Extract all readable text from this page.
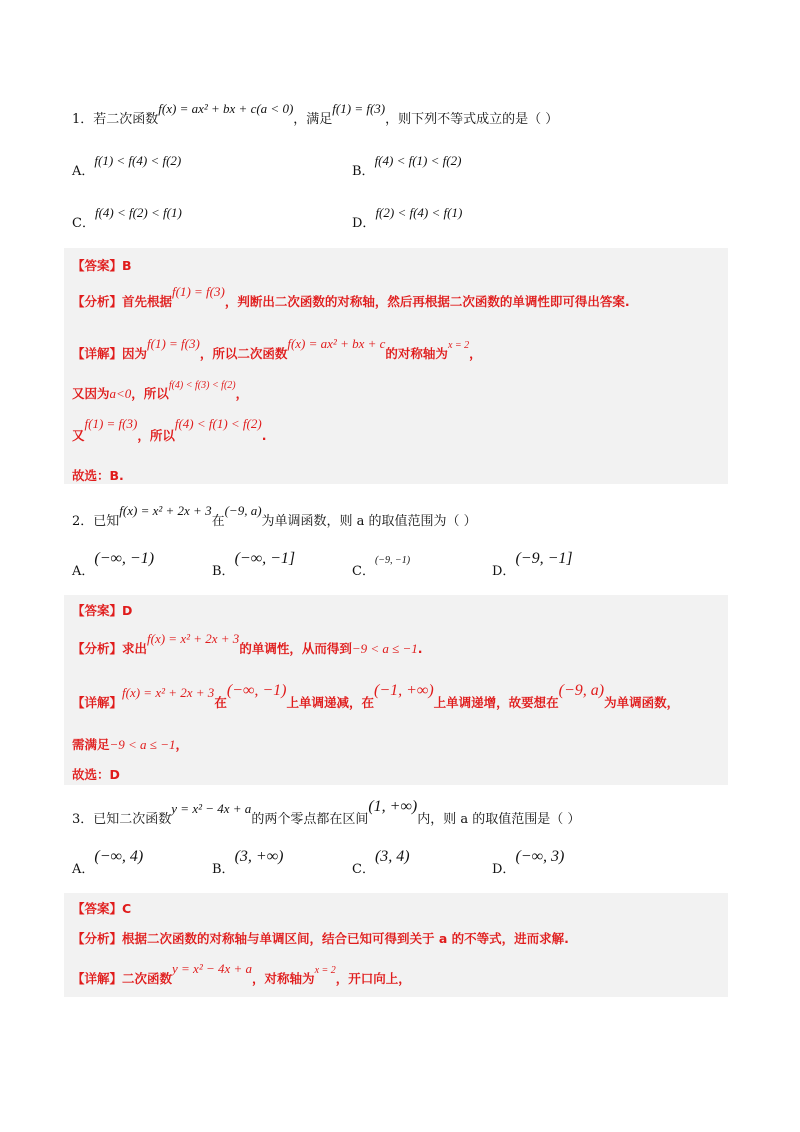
1．若二次函数f(x) = ax² + bx + c(a < 0)，满足f(1) = f(3)，则下列不等式成立的是（ ）
A．f(1) < f(4) < f(2)
B．f(4) < f(1) < f(2)
C．f(4) < f(2) < f(1)
D．f(2) < f(4) < f(1)
【答案】B
【分析】首先根据f(1) = f(3)，判断出二次函数的对称轴，然后再根据二次函数的单调性即可得出答案.
【详解】因为f(1) = f(3)，所以二次函数f(x) = ax² + bx + c的对称轴为$^{x = 2}$，
又因为a<0，所以$^{f(4) < f(3) < f(2)}$，
又f(1) = f(3)，所以f(4) < f(1) < f(2).
故选：B.
2．已知f(x) = x² + 2x + 3在(−9, a)为单调函数，则 a 的取值范围为（ ）
A．(−∞, −1)
B．(−∞, −1]
C．$^{(-9, -1)}$
D．(−9, −1]
【答案】D
【分析】求出f(x) = x² + 2x + 3的单调性，从而得到−9 < a ≤ −1.
【详解】f(x) = x² + 2x + 3在(−∞, −1)上单调递减，在(−1, +∞)上单调递增，故要想在(−9, a)为单调函数，
需满足−9 < a ≤ −1，
故选：D
3．已知二次函数y = x² − 4x + a的两个零点都在区间(1, +∞)内，则 a 的取值范围是（ ）
A．(−∞, 4)
B．(3, +∞)
C．(3, 4)
D．(−∞, 3)
【答案】C
【分析】根据二次函数的对称轴与单调区间，结合已知可得到关于 a 的不等式，进而求解.
【详解】二次函数y = x² − 4x + a，对称轴为$^{x = 2}$，开口向上，
